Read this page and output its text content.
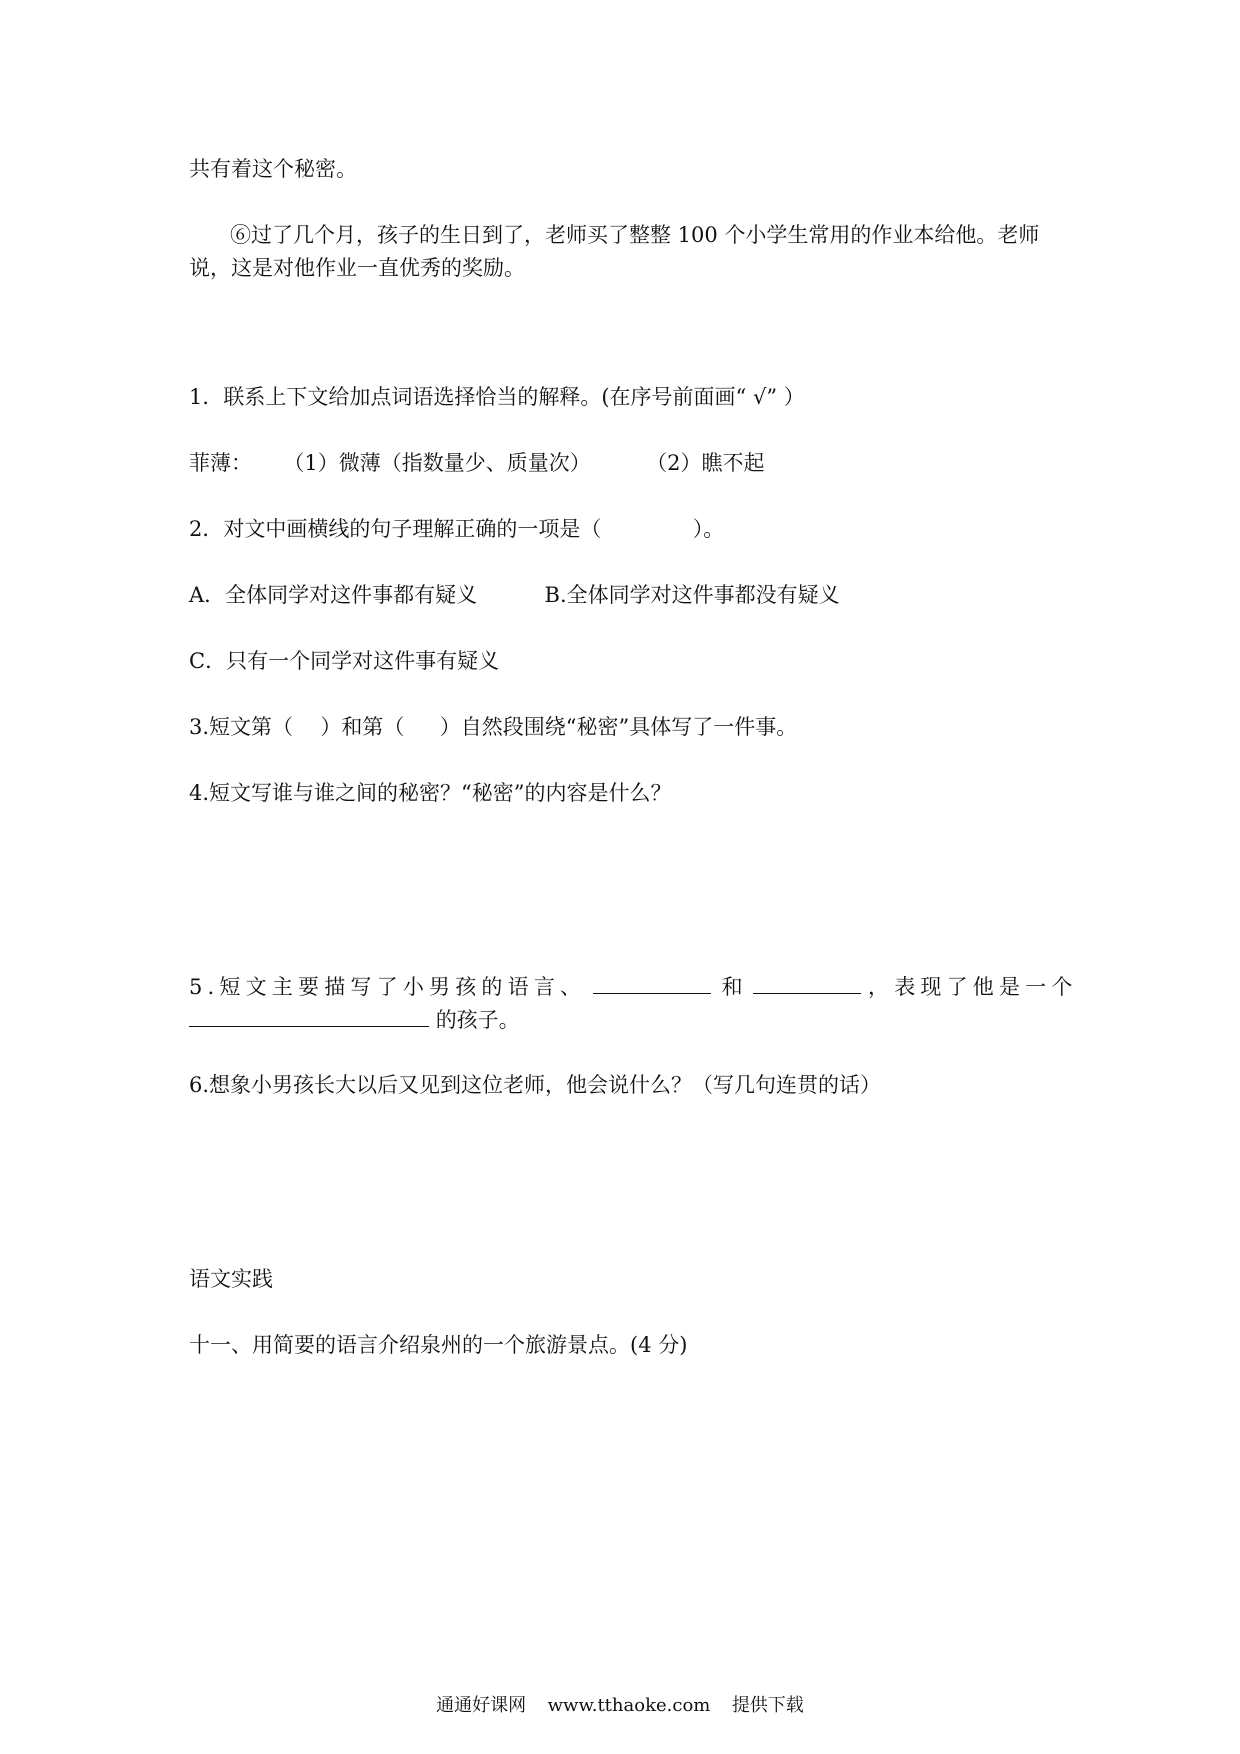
共有着这个秘密。
⑥过了几个月，孩子的生日到了，老师买了整整 100 个小学生常用的作业本给他。老师
说，这是对他作业一直优秀的奖励。
1．联系上下文给加点词语选择恰当的解释。(在序号前面画“ √” ）
菲薄： （1）微薄（指数量少、质量次）	（2）瞧不起
2．对文中画横线的句子理解正确的一项是（	）。
A．全体同学对这件事都有疑义	B.全体同学对这件事都没有疑义
C．只有一个同学对这件事有疑义
3.短文第（ ）和第（ ）自然段围绕“秘密”具体写了一件事。
4.短文写谁与谁之间的秘密？“秘密”的内容是什么？
5.短文主要描写了小男孩的语言、	和	，表现了他是一个
的孩子。
6.想象小男孩长大以后又见到这位老师，他会说什么？（写几句连贯的话）
语文实践
十一、用简要的语言介绍泉州的一个旅游景点。(4 分)
通通好课网 www.tthaoke.com 提供下载
